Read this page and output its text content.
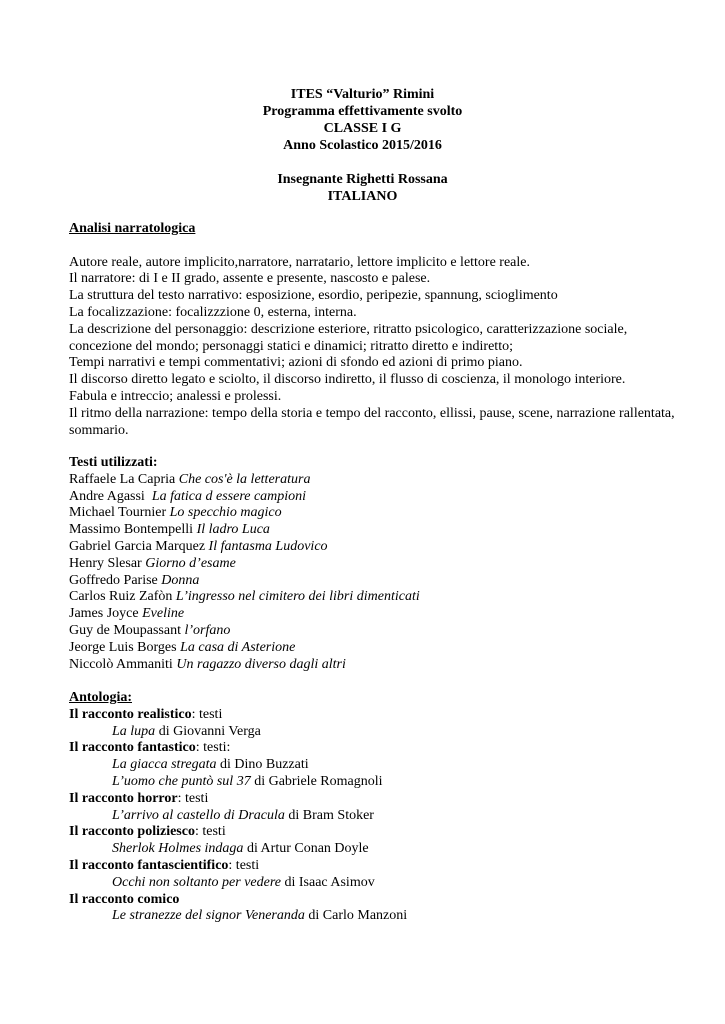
ITES “Valturio” Rimini
Programma effettivamente svolto
CLASSE I G
Anno Scolastico 2015/2016
Insegnante Righetti Rossana
ITALIANO
Analisi narratologica
Autore reale, autore implicito,narratore, narratario, lettore implicito e lettore reale.
Il narratore: di I e II grado, assente e presente, nascosto e palese.
La struttura del testo narrativo: esposizione, esordio, peripezie, spannung, scioglimento
La focalizzazione: focalizzzione 0, esterna, interna.
La descrizione del personaggio: descrizione esteriore, ritratto psicologico, caratterizzazione sociale, concezione del mondo; personaggi statici e dinamici; ritratto diretto e indiretto;
Tempi narrativi e tempi commentativi; azioni di sfondo ed azioni di primo piano.
Il discorso diretto legato e sciolto, il discorso indiretto, il flusso di coscienza, il monologo interiore.
Fabula e intreccio; analessi e prolessi.
Il ritmo della narrazione: tempo della storia e tempo del racconto, ellissi, pause, scene, narrazione rallentata, sommario.
Testi utilizzati:
Raffaele La Capria Che cos'è la letteratura
Andre Agassi  La fatica d essere campioni
Michael Tournier Lo specchio magico
Massimo Bontempelli Il ladro Luca
Gabriel Garcia Marquez Il fantasma Ludovico
Henry Slesar Giorno d’esame
Goffredo Parise Donna
Carlos Ruiz Zafòn L’ingresso nel cimitero dei libri dimenticati
James Joyce Eveline
Guy de Moupassant l’orfano
Jeorge Luis Borges La casa di Asterione
Niccolò Ammaniti Un ragazzo diverso dagli altri
Antologia:
Il racconto realistico: testi
La lupa di Giovanni Verga
Il racconto fantastico: testi:
La giacca stregata di Dino Buzzati
L’uomo che puntò sul 37 di Gabriele Romagnoli
Il racconto horror: testi
L’arrivo al castello di Dracula di Bram Stoker
Il racconto poliziesco: testi
Sherlok Holmes indaga di Artur Conan Doyle
Il racconto fantascientifico: testi
Occhi non soltanto per vedere di Isaac Asimov
Il racconto comico
Le stranezze del signor Veneranda di Carlo Manzoni
